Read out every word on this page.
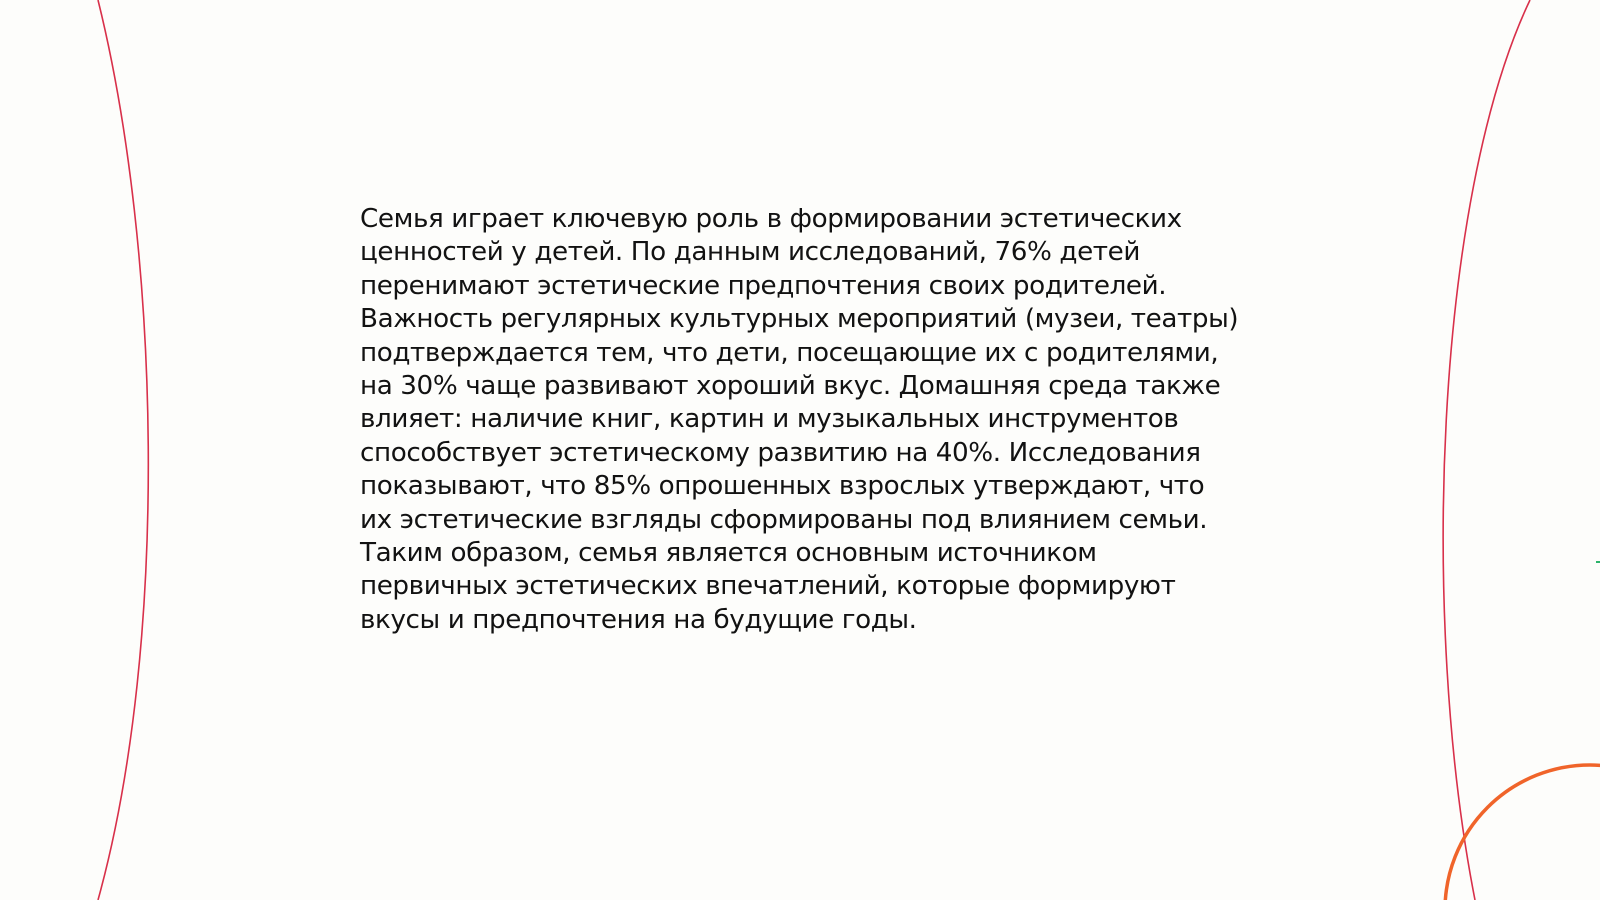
Семья играет ключевую роль в формировании эстетических
ценностей у детей. По данным исследований, 76% детей
перенимают эстетические предпочтения своих родителей.
Важность регулярных культурных мероприятий (музеи, театры)
подтверждается тем, что дети, посещающие их с родителями,
на 30% чаще развивают хороший вкус. Домашняя среда также
влияет: наличие книг, картин и музыкальных инструментов
способствует эстетическому развитию на 40%. Исследования
показывают, что 85% опрошенных взрослых утверждают, что
их эстетические взгляды сформированы под влиянием семьи.
Таким образом, семья является основным источником
первичных эстетических впечатлений, которые формируют
вкусы и предпочтения на будущие годы.
